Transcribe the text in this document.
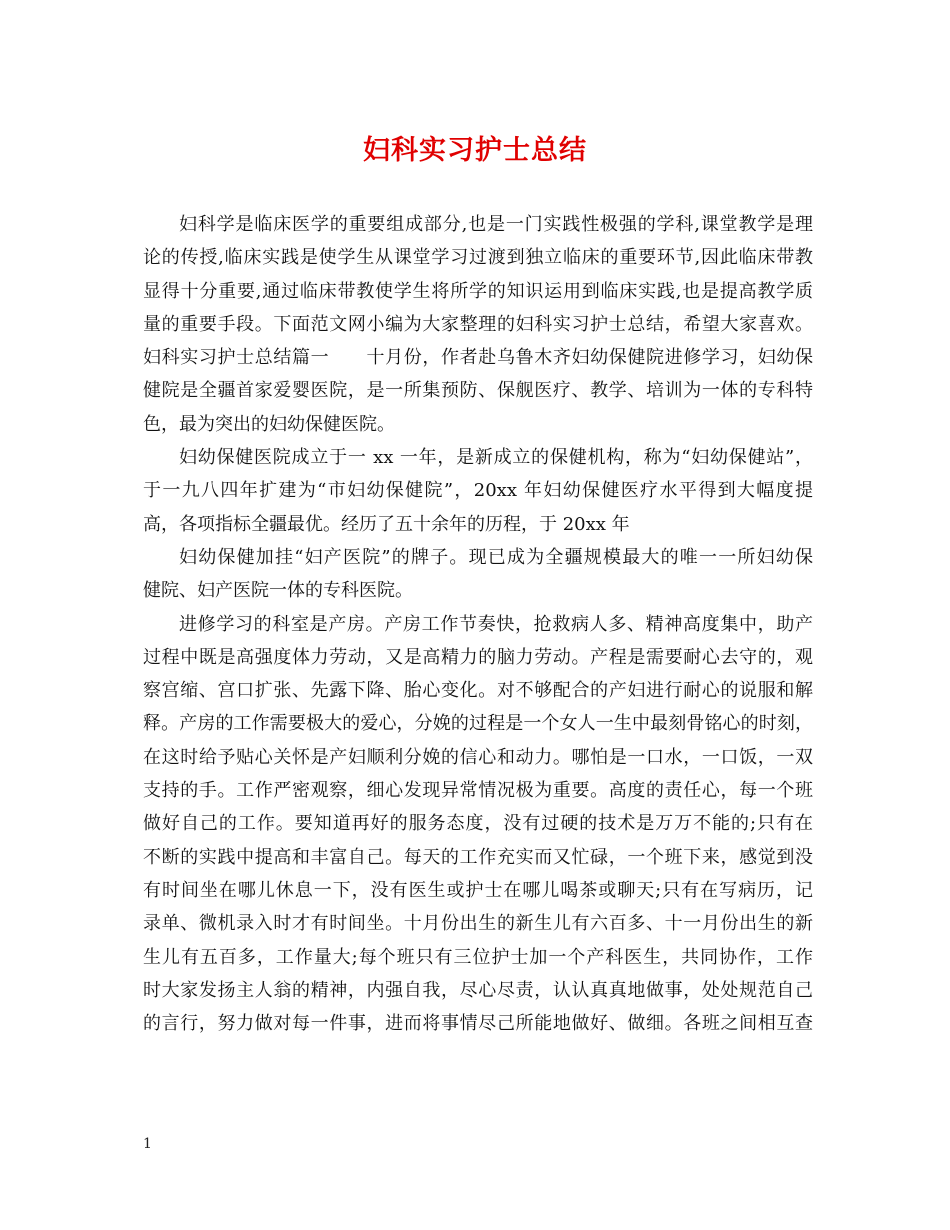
妇科实习护士总结
妇科学是临床医学的重要组成部分,也是一门实践性极强的学科,课堂教学是理
论的传授,临床实践是使学生从课堂学习过渡到独立临床的重要环节,因此临床带教
显得十分重要,通过临床带教使学生将所学的知识运用到临床实践,也是提高教学质
量的重要手段。下面范文网小编为大家整理的妇科实习护士总结，希望大家喜欢。
妇科实习护士总结篇一　　十月份，作者赴乌鲁木齐妇幼保健院进修学习，妇幼保
健院是全疆首家爱婴医院，是一所集预防、保舰医疗、教学、培训为一体的专科特
色，最为突出的妇幼保健医院。
妇幼保健医院成立于一 xx 一年，是新成立的保健机构，称为“妇幼保健站”，
于一九八四年扩建为“市妇幼保健院”，20xx 年妇幼保健医疗水平得到大幅度提
高，各项指标全疆最优。经历了五十余年的历程，于 20xx 年
妇幼保健加挂“妇产医院”的牌子。现已成为全疆规模最大的唯一一所妇幼保
健院、妇产医院一体的专科医院。
进修学习的科室是产房。产房工作节奏快，抢救病人多、精神高度集中，助产
过程中既是高强度体力劳动，又是高精力的脑力劳动。产程是需要耐心去守的，观
察宫缩、宫口扩张、先露下降、胎心变化。对不够配合的产妇进行耐心的说服和解
释。产房的工作需要极大的爱心，分娩的过程是一个女人一生中最刻骨铭心的时刻，
在这时给予贴心关怀是产妇顺利分娩的信心和动力。哪怕是一口水，一口饭，一双
支持的手。工作严密观察，细心发现异常情况极为重要。高度的责任心，每一个班
做好自己的工作。要知道再好的服务态度，没有过硬的技术是万万不能的;只有在
不断的实践中提高和丰富自己。每天的工作充实而又忙碌，一个班下来，感觉到没
有时间坐在哪儿休息一下，没有医生或护士在哪儿喝茶或聊天;只有在写病历，记
录单、微机录入时才有时间坐。十月份出生的新生儿有六百多、十一月份出生的新
生儿有五百多，工作量大;每个班只有三位护士加一个产科医生，共同协作，工作
时大家发扬主人翁的精神，内强自我，尽心尽责，认认真真地做事，处处规范自己
的言行，努力做对每一件事，进而将事情尽己所能地做好、做细。各班之间相互查
1
